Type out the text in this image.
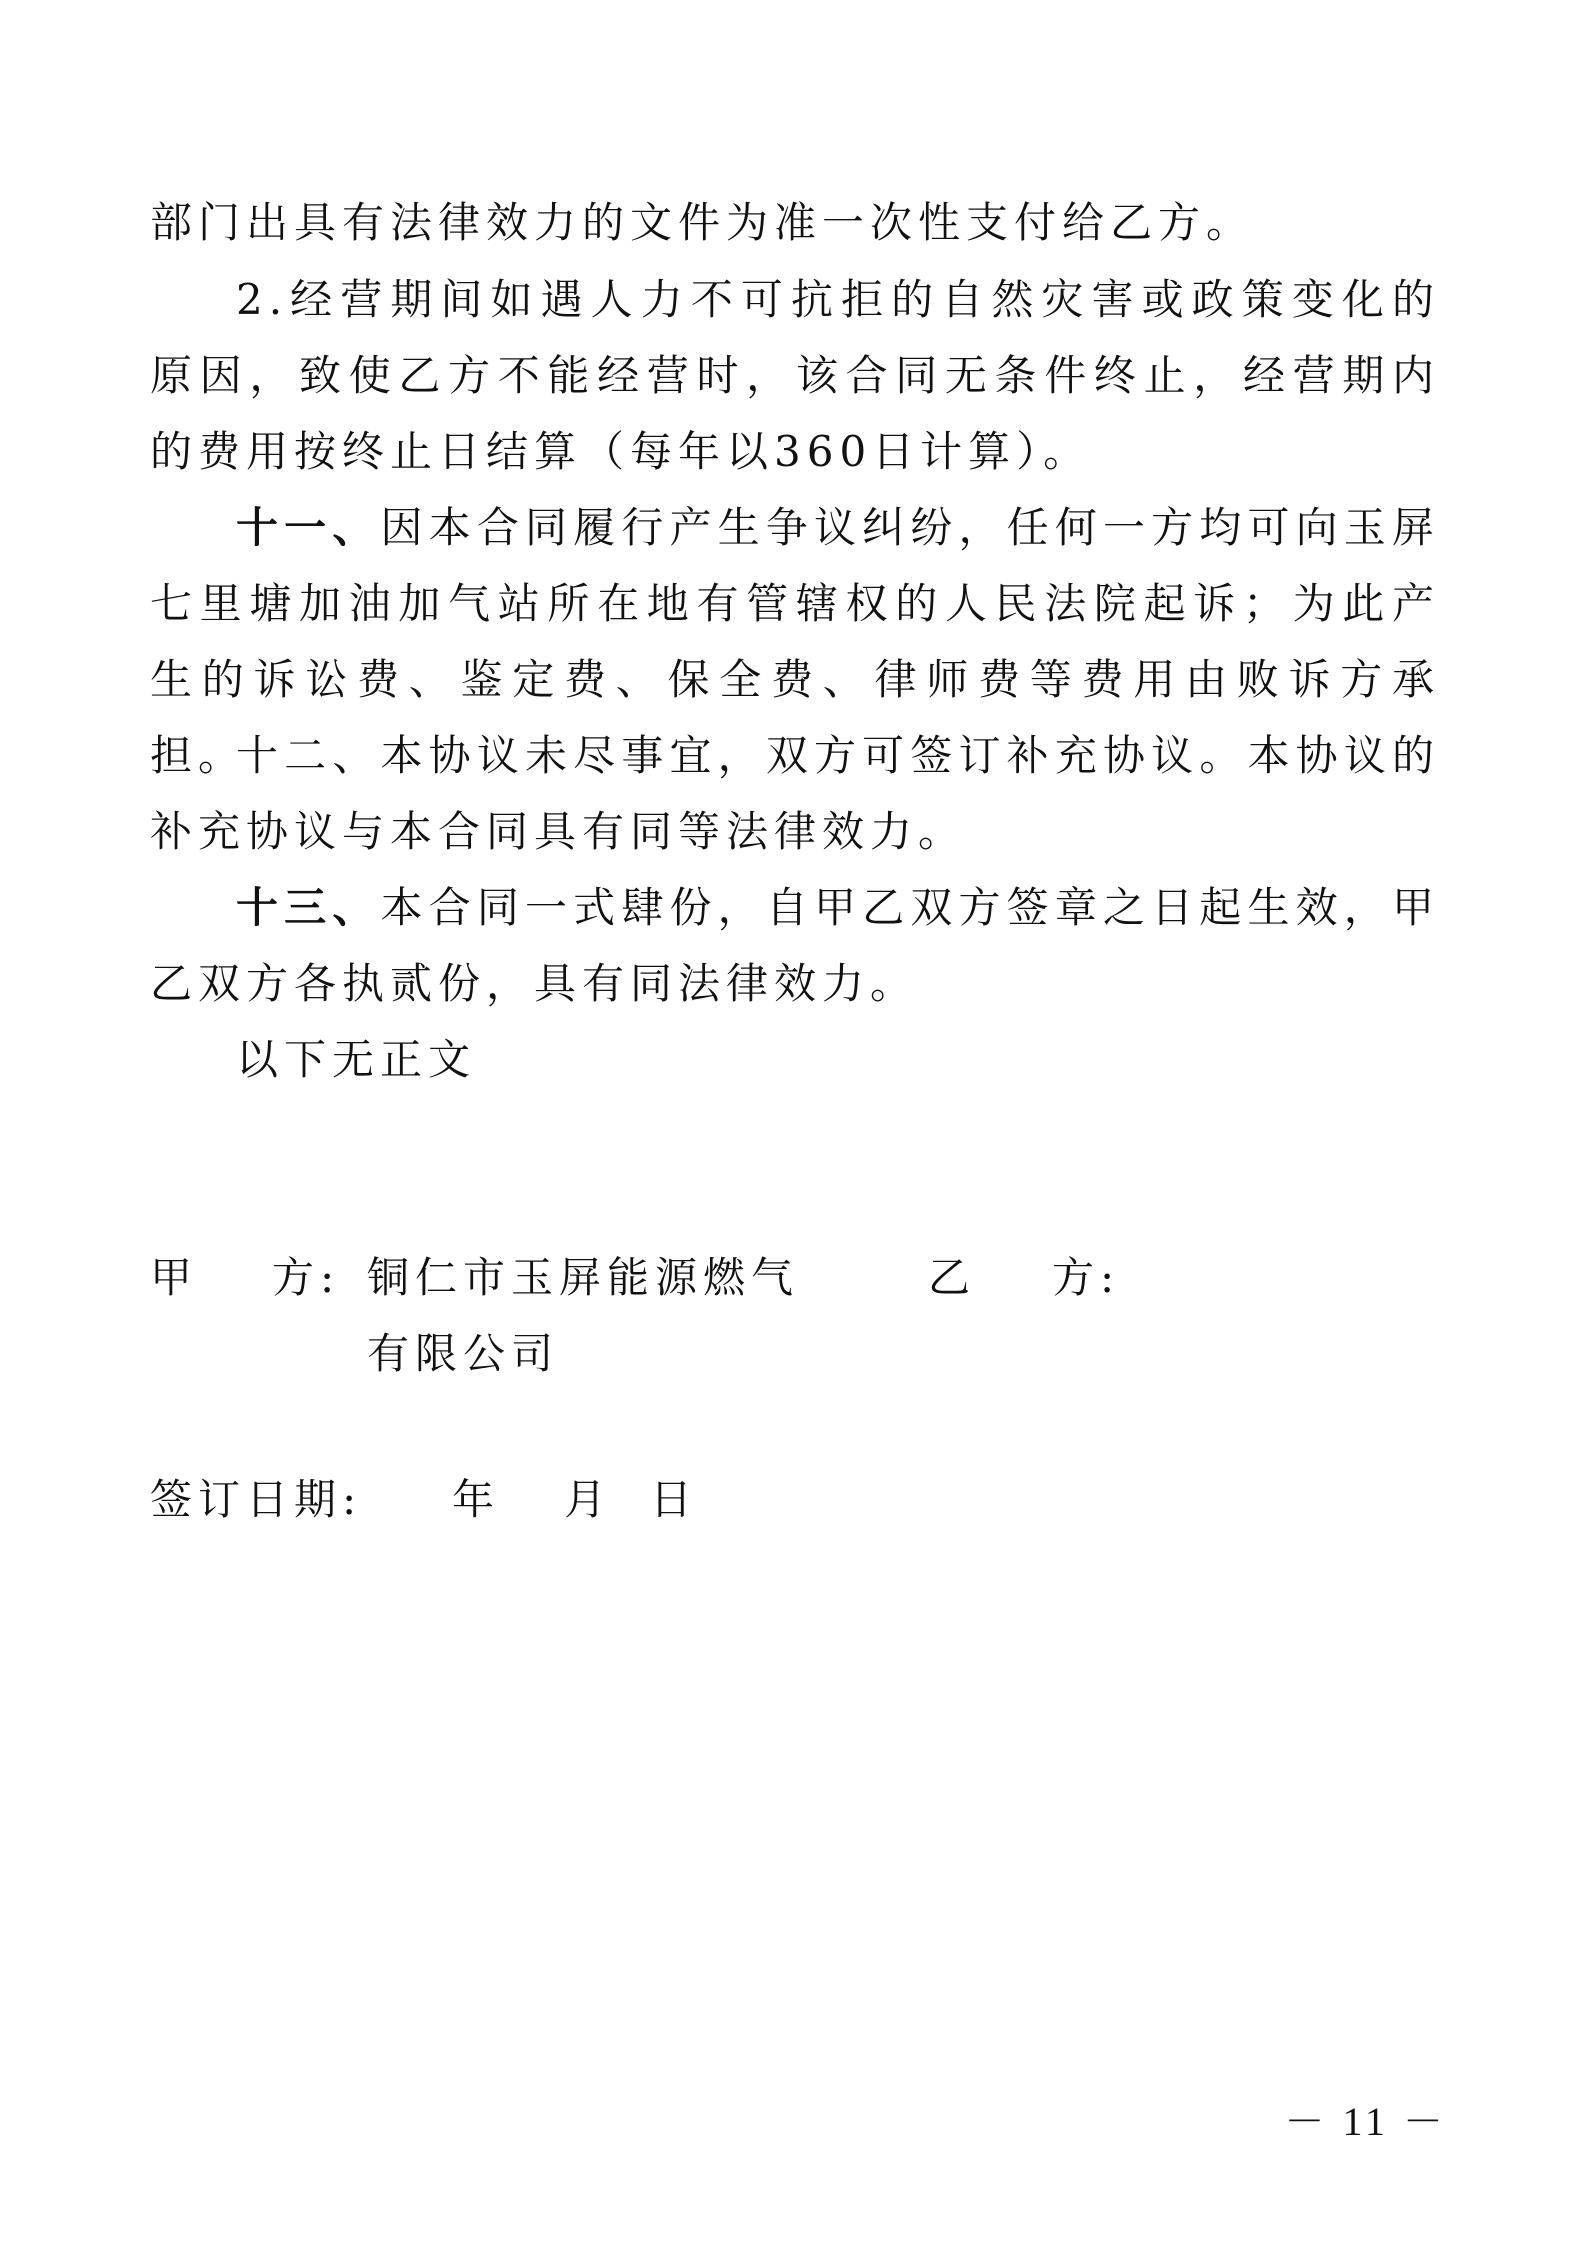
部门出具有法律效力的文件为准一次性支付给乙方。

2.经营期间如遇人力不可抗拒的自然灾害或政策变化的原因，致使乙方不能经营时，该合同无条件终止，经营期内的费用按终止日结算（每年以360日计算）。

十一、因本合同履行产生争议纠纷，任何一方均可向玉屏七里塘加油加气站所在地有管辖权的人民法院起诉；为此产生的诉讼费、鉴定费、保全费、律师费等费用由败诉方承担。

十二、本协议未尽事宜，双方可签订补充协议。本协议的补充协议与本合同具有同等法律效力。

十三、本合同一式肆份，自甲乙双方签章之日起生效，甲乙双方各执贰份，具有同法律效力。

以下无正文

甲 方: 铜仁市玉屏能源燃气
有限公司
乙 方:
签订日期: 年 月 日
－ 11 －
